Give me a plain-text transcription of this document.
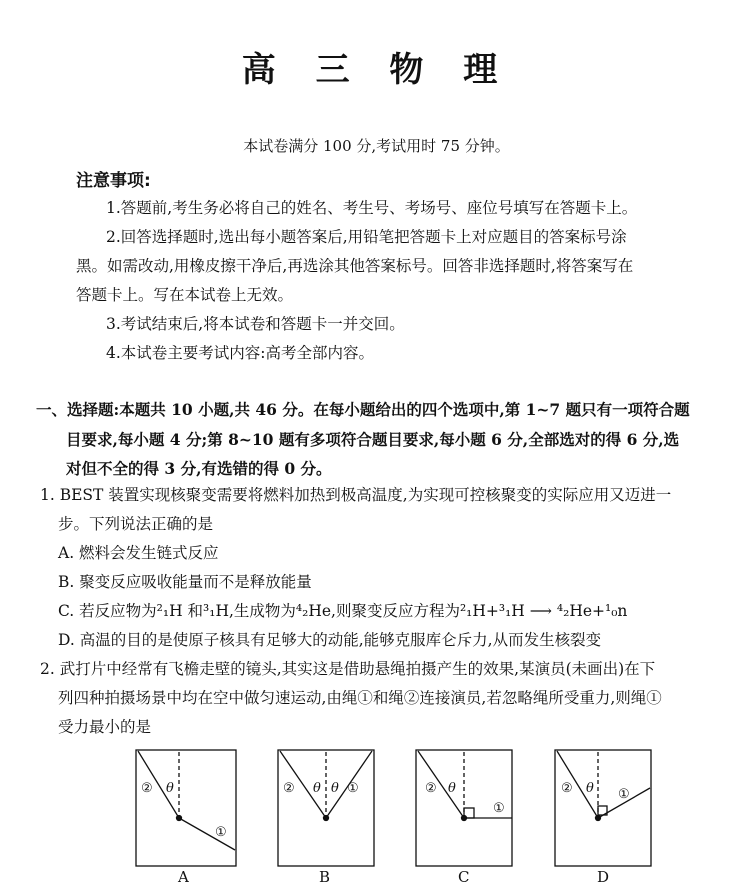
高 三 物 理
本试卷满分 100 分,考试用时 75 分钟。
注意事项:
1.答题前,考生务必将自己的姓名、考生号、考场号、座位号填写在答题卡上。
2.回答选择题时,选出每小题答案后,用铅笔把答题卡上对应题目的答案标号涂
黑。如需改动,用橡皮擦干净后,再选涂其他答案标号。回答非选择题时,将答案写在
答题卡上。写在本试卷上无效。
3.考试结束后,将本试卷和答题卡一并交回。
4.本试卷主要考试内容:高考全部内容。
一、选择题:本题共 10 小题,共 46 分。在每小题给出的四个选项中,第 1~7 题只有一项符合题
目要求,每小题 4 分;第 8~10 题有多项符合题目要求,每小题 6 分,全部选对的得 6 分,选
对但不全的得 3 分,有选错的得 0 分。
1. BEST 装置实现核聚变需要将燃料加热到极高温度,为实现可控核聚变的实际应用又迈进一
步。下列说法正确的是
A. 燃料会发生链式反应
B. 聚变反应吸收能量而不是释放能量
C. 若反应物为²₁H 和³₁H,生成物为⁴₂He,则聚变反应方程为²₁H+³₁H ⟶ ⁴₂He+¹₀n
D. 高温的目的是使原子核具有足够大的动能,能够克服库仑斥力,从而发生核裂变
2. 武打片中经常有飞檐走壁的镜头,其实这是借助悬绳拍摄产生的效果,某演员(未画出)在下
列四种拍摄场景中均在空中做匀速运动,由绳①和绳②连接演员,若忽略绳所受重力,则绳①
受力最小的是
② θ
①
A
② θ θ ①
B
② θ
①
C
② θ ①
D
